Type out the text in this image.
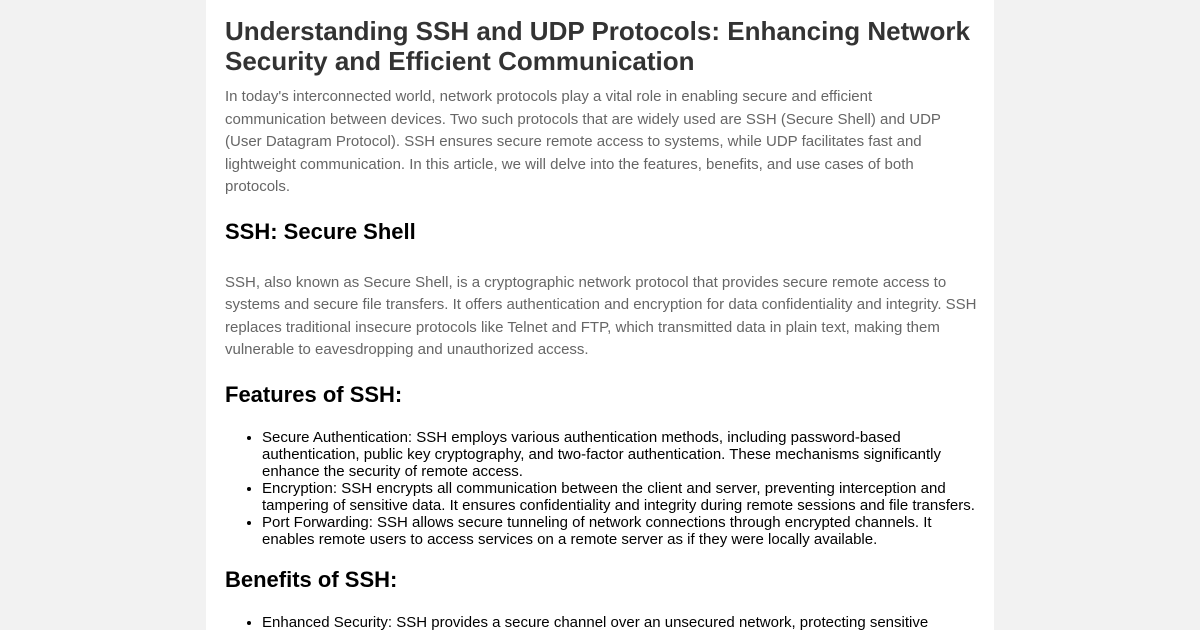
Understanding SSH and UDP Protocols: Enhancing Network Security and Efficient Communication

In today's interconnected world, network protocols play a vital role in enabling secure and efficient communication between devices. Two such protocols that are widely used are SSH (Secure Shell) and UDP (User Datagram Protocol). SSH ensures secure remote access to systems, while UDP facilitates fast and lightweight communication. In this article, we will delve into the features, benefits, and use cases of both protocols.

SSH: Secure Shell

SSH, also known as Secure Shell, is a cryptographic network protocol that provides secure remote access to systems and secure file transfers. It offers authentication and encryption for data confidentiality and integrity. SSH replaces traditional insecure protocols like Telnet and FTP, which transmitted data in plain text, making them vulnerable to eavesdropping and unauthorized access.

Features of SSH:
• Secure Authentication: SSH employs various authentication methods, including password-based authentication, public key cryptography, and two-factor authentication. These mechanisms significantly enhance the security of remote access.
• Encryption: SSH encrypts all communication between the client and server, preventing interception and tampering of sensitive data. It ensures confidentiality and integrity during remote sessions and file transfers.
• Port Forwarding: SSH allows secure tunneling of network connections through encrypted channels. It enables remote users to access services on a remote server as if they were locally available.
Benefits of SSH:
• Enhanced Security: SSH provides a secure channel over an unsecured network, protecting sensitive
